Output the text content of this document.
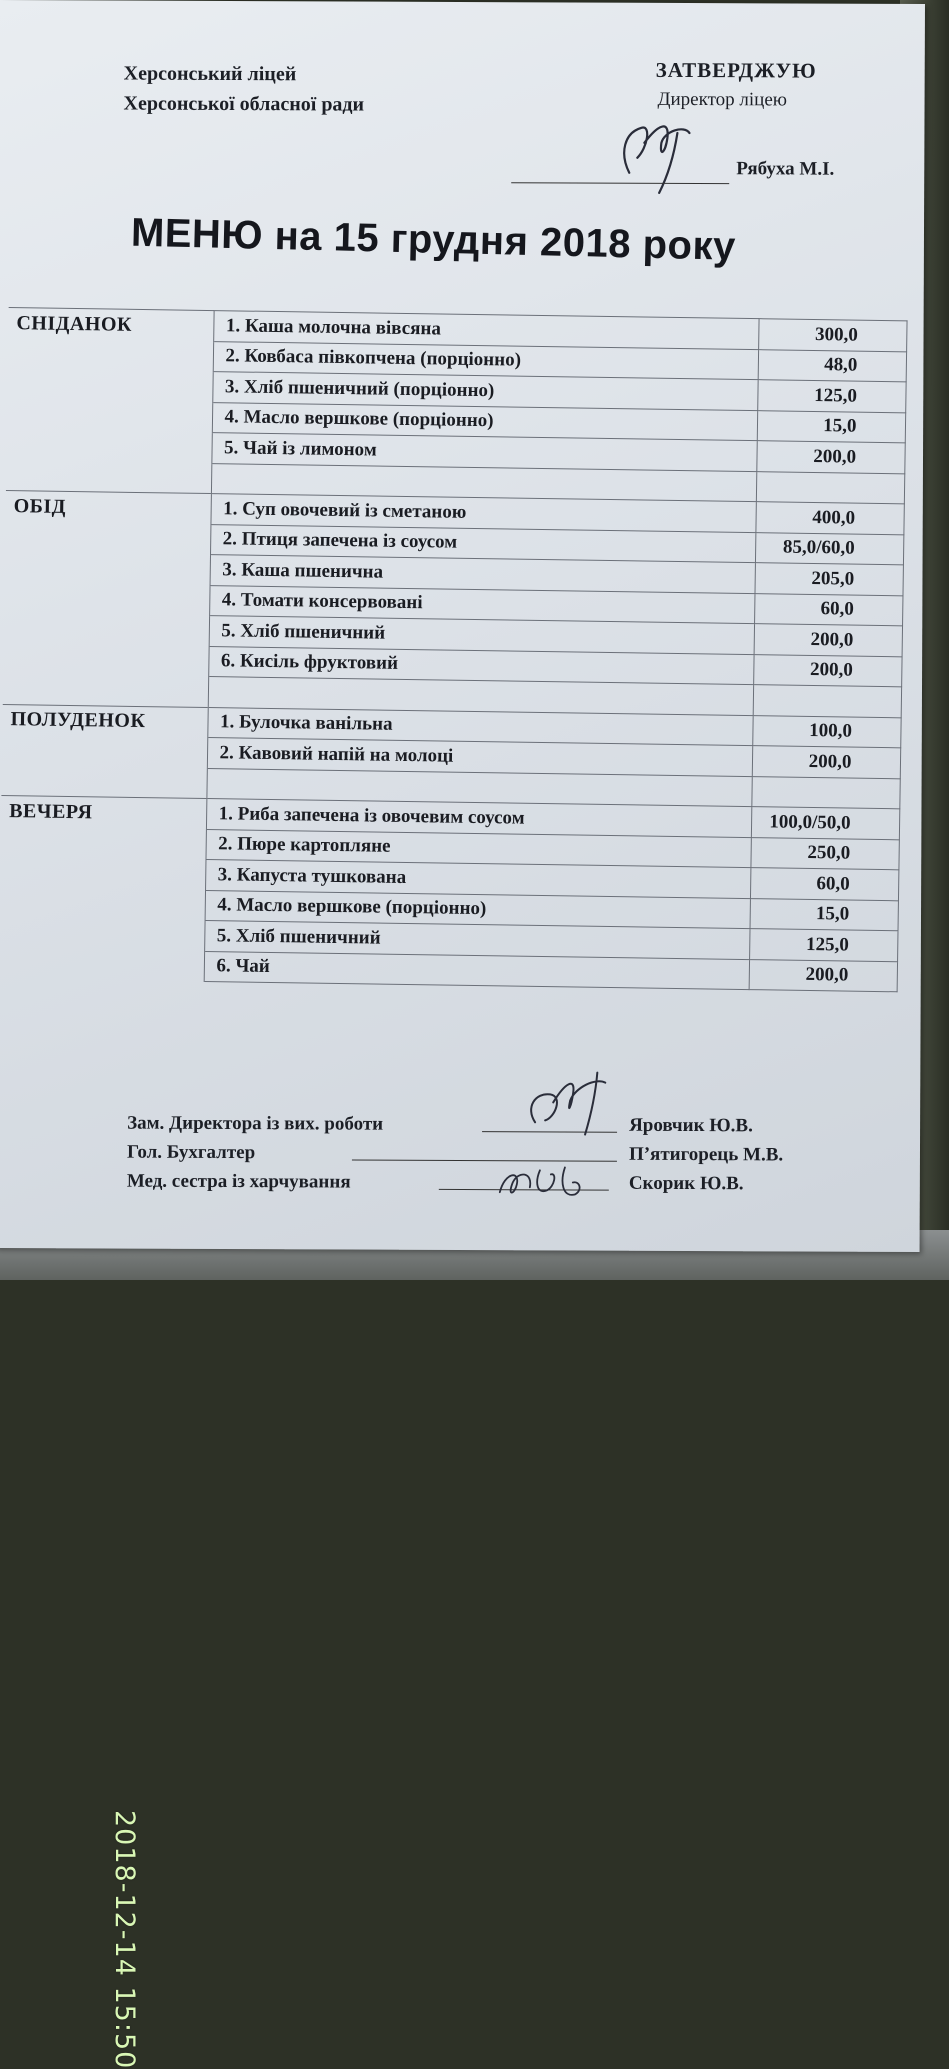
Херсонський ліцей
Херсонської обласної ради
ЗАТВЕРДЖУЮ
Директор ліцею
Рябуха М.І.
МЕНЮ на 15 грудня 2018 року
СНІДАНОК	1. Каша молочна вівсяна	300,0
	2. Ковбаса півкопчена (порціонно)	48,0
	3. Хліб пшеничний (порціонно)	125,0
	4. Масло вершкове (порціонно)	15,0
	5. Чай із лимоном	200,0

ОБІД	1. Суп овочевий із сметаною	400,0
	2. Птиця запечена із соусом	85,0/60,0
	3. Каша пшенична	205,0
	4. Томати консервовані	60,0
	5. Хліб пшеничний	200,0
	6. Кисіль фруктовий	200,0

ПОЛУДЕНОК	1. Булочка ванільна	100,0
	2. Кавовий напій на молоці	200,0

ВЕЧЕРЯ	1. Риба запечена із овочевим соусом	100,0/50,0
	2. Пюре картопляне	250,0
	3. Капуста тушкована	60,0
	4. Масло вершкове (порціонно)	15,0
	5. Хліб пшеничний	125,0
	6. Чай	200,0
Зам. Директора із вих. роботи	Яровчик Ю.В.
Гол. Бухгалтер	П’ятигорець М.В.
Мед. сестра із харчування	Скорик Ю.В.
2018-12-14 15:50
